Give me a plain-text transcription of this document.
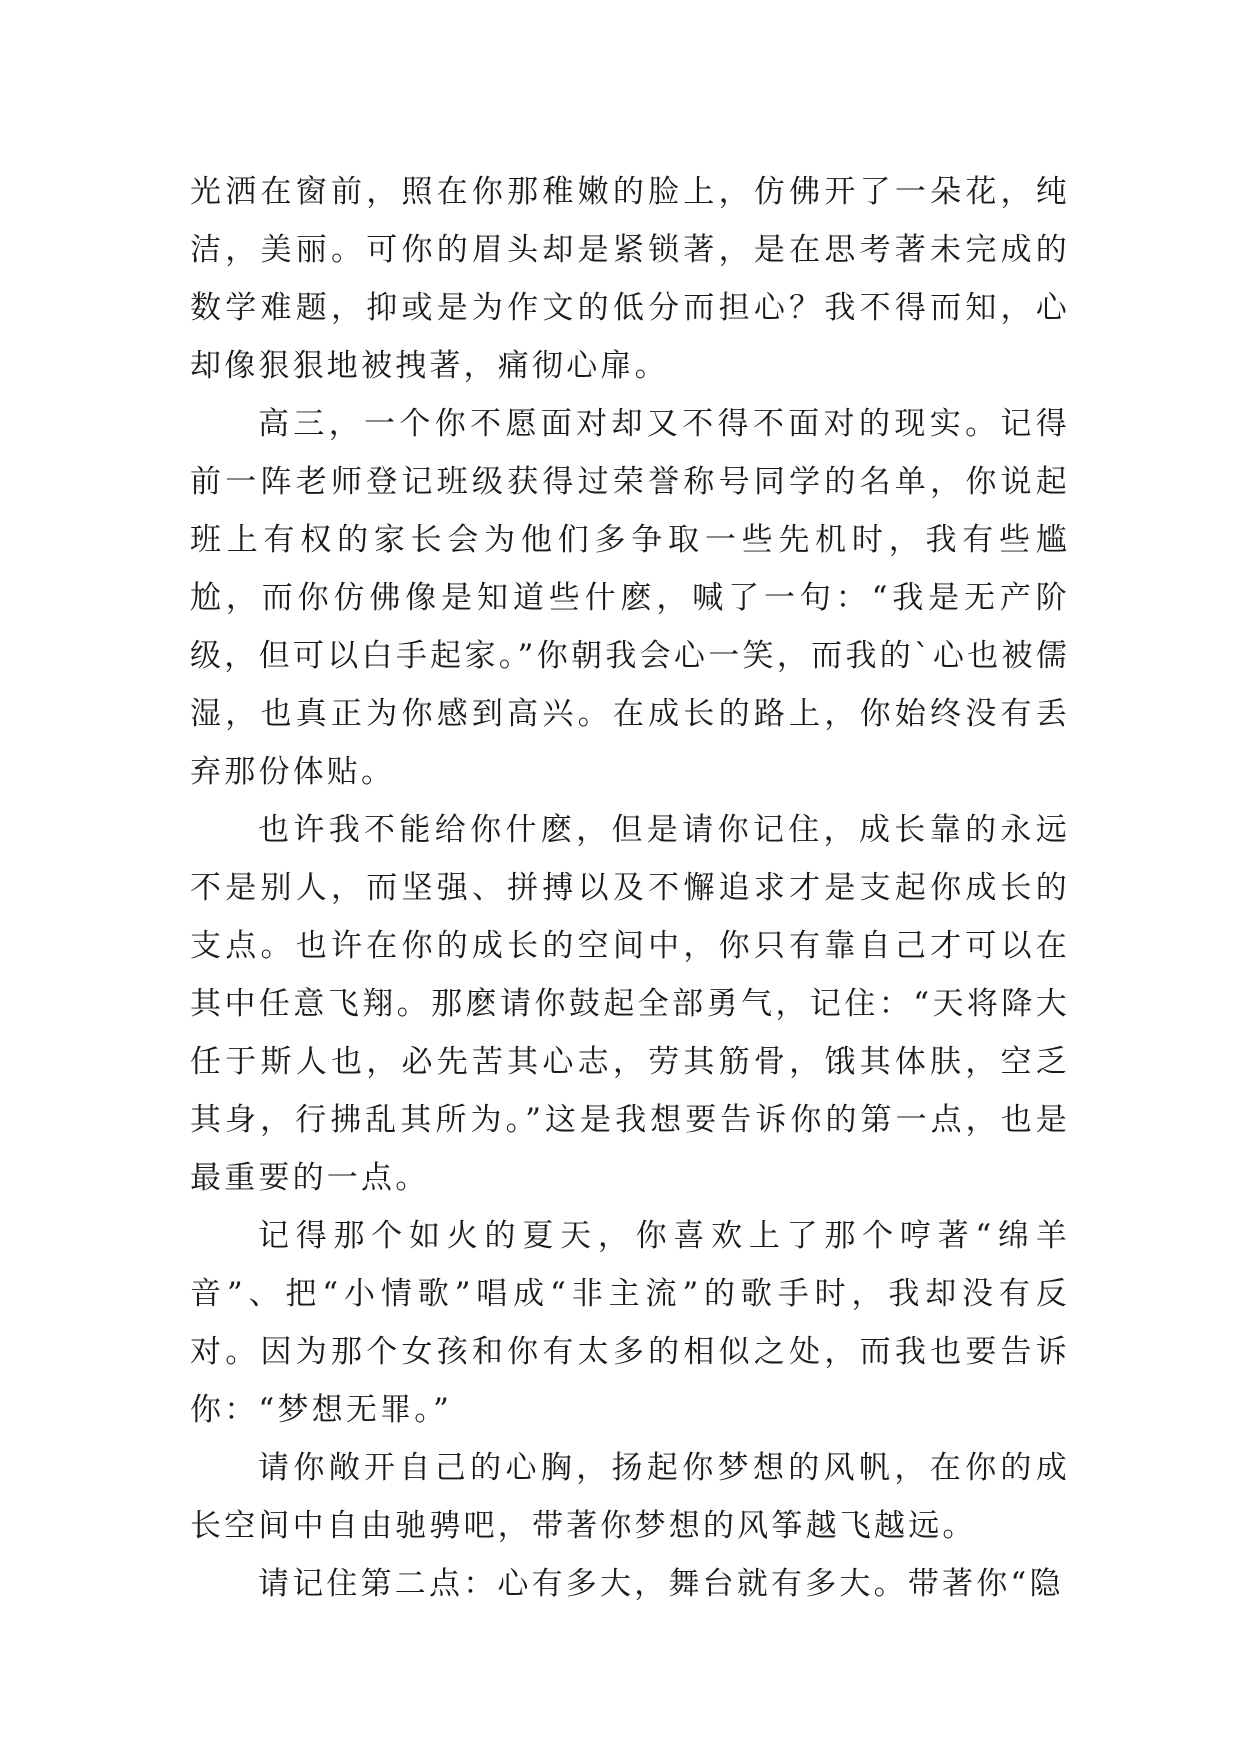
光洒在窗前，照在你那稚嫩的脸上，仿佛开了一朵花，纯洁，美丽。可你的眉头却是紧锁著，是在思考著未完成的数学难题，抑或是为作文的低分而担心？我不得而知，心却像狠狠地被拽著，痛彻心扉。

高三，一个你不愿面对却又不得不面对的现实。记得前一阵老师登记班级获得过荣誉称号同学的名单，你说起班上有权的家长会为他们多争取一些先机时，我有些尴尬，而你仿佛像是知道些什麽，喊了一句：“我是无产阶级，但可以白手起家。”你朝我会心一笑，而我的`心也被儒湿，也真正为你感到高兴。在成长的路上，你始终没有丢弃那份体贴。

也许我不能给你什麽，但是请你记住，成长靠的永远不是别人，而坚强、拼搏以及不懈追求才是支起你成长的支点。也许在你的成长的空间中，你只有靠自己才可以在其中任意飞翔。那麽请你鼓起全部勇气，记住：“天将降大任于斯人也，必先苦其心志，劳其筋骨，饿其体肤，空乏其身，行拂乱其所为。”这是我想要告诉你的第一点，也是最重要的一点。

记得那个如火的夏天，你喜欢上了那个哼著“绵羊音”、把“小情歌”唱成“非主流”的歌手时，我却没有反对。因为那个女孩和你有太多的相似之处，而我也要告诉你：“梦想无罪。”

请你敞开自己的心胸，扬起你梦想的风帆，在你的成长空间中自由驰骋吧，带著你梦想的风筝越飞越远。

请记住第二点：心有多大，舞台就有多大。带著你“隐
